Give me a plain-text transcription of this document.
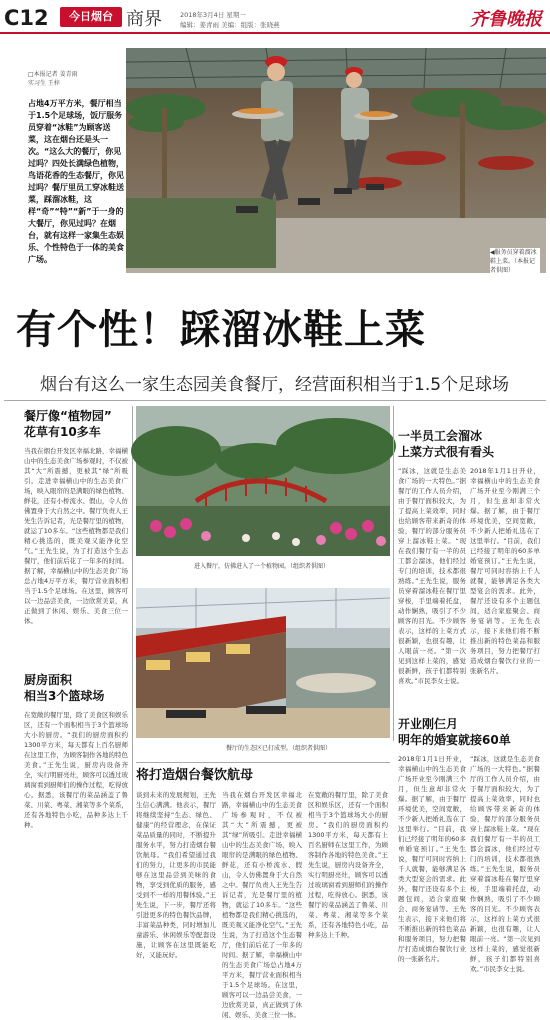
C12	今日烟台 商界	2018年3月4日 星期一
编辑：姜青雨 美编：组版：张晓燕	齐鲁晚报
□本报记者 姜青雨
实习生 王梓
占地4万平方米，餐厅相当于1.5个足球场，饭厅服务员穿着“冰鞋”为顾客送菜，这在烟台还是头一次。“这么大的餐厅，你见过吗？四处长满绿色植物，鸟语花香的生态餐厅，你见过吗？餐厅里员工穿冰鞋送菜，踩溜冰鞋，这样“奇”“特”“新”于一身的大餐厅，你见过吗？在烟台，就有这样一家集生态娱乐、个性特色于一体的美食广场。
◀服务员穿着溜冰鞋上菜。（本报记者供图）
有个性！踩溜冰鞋上菜
烟台有这么一家生态园美食餐厅，经营面积相当于1.5个足球场
餐厅像“植物园”
花草有10多车
当我在烟台开发区幸福北路，幸福横山中的生态美食广场参观时，不仅被其“大”所震撼，更被其“绿”所吸引。走进幸福横山中的生态美食广场，映入眼帘的是满眼的绿色植物、鲜花，还有小桥流水、假山，令人仿佛置身于大自然之中。餐厅负责人王先生告诉记者，光是餐厅里的植物，就运了10多车。“这些植物都是我们精心挑选的，既美观又能净化空气。”王先生说，为了打造这个生态餐厅，他们前后花了一年多的时间。据了解，幸福横山中的生态美食广场总占地4万平方米，餐厅营业面积相当于1.5个足球场。在这里，顾客可以一边品尝美食，一边欣赏美景，真正做到了休闲、娱乐、美食三位一体。
厨房面积
相当3个篮球场
在宽敞的餐厅里，除了美食区和娱乐区，还有一个面积相当于3个篮球场大小的厨房。“我们的厨房面积约1300平方米，每天都有上百名厨师在这里工作，为顾客制作各地的特色美食。”王先生说，厨房内设备齐全，实行明厨亮灶，顾客可以透过玻璃窗看到厨师们的操作过程，吃得放心。据悉，该餐厅的菜品涵盖了鲁菜、川菜、粤菜、湘菜等多个菜系，还有各地特色小吃，品种多达上千种。
进入餐厅，仿佛进入了一个植物园。（组织者供图）
餐厅的生态区已打成型。（组织者供图）
一半员工会溜冰
上菜方式很有看头
“踩冰，这就是生态美食广场的一大特色。”据餐厅的工作人员介绍，由于餐厅面积较大，为了提高上菜效率，同时也给顾客带来新奇的体验，餐厅的部分服务员穿上溜冰鞋上菜。“现在我们餐厅有一半的员工都会溜冰，他们经过专门的培训，技术都很熟练。”王先生说，服务员穿着溜冰鞋在餐厅里穿梭，手里端着托盘，动作娴熟，吸引了不少顾客的目光。不少顾客表示，这样的上菜方式很新颖，也很有趣，让人眼前一亮。“第一次见到这样上菜的，感觉很新鲜，孩子们都特别喜欢。”市民李女士说。
2018年1月1日开业，幸福横山中的生态美食广场开业至今刚满三个月，但生意却非常火爆。据了解，由于餐厅环境优美，空间宽敞，不少新人把婚礼选在了这里举行。“目前，我们已经接了明年的60多单婚宴预订。”王先生说，餐厅可同时容纳上千人就餐，能够满足各类大型宴会的需求。此外，餐厅还设有多个主题包间，适合家庭聚会、商务宴请等。王先生表示，接下来他们将不断推出新的特色菜品和服务项目，努力把餐厅打造成烟台餐饮行业的一张新名片。
开业刚仨月
明年的婚宴就接60单
2018年1月1日开业，幸福横山中的生态美食广场开业至今刚满三个月，但生意却非常火爆。据了解，由于餐厅环境优美，空间宽敞，不少新人把婚礼选在了这里举行。“目前，我们已经接了明年的60多单婚宴预订。”王先生说，餐厅可同时容纳上千人就餐，能够满足各类大型宴会的需求。此外，餐厅还设有多个主题包间，适合家庭聚会、商务宴请等。王先生表示，接下来他们将不断推出新的特色菜品和服务项目，努力把餐厅打造成烟台餐饮行业的一张新名片。
“踩冰，这就是生态美食广场的一大特色。”据餐厅的工作人员介绍，由于餐厅面积较大，为了提高上菜效率，同时也给顾客带来新奇的体验，餐厅的部分服务员穿上溜冰鞋上菜。“现在我们餐厅有一半的员工都会溜冰，他们经过专门的培训，技术都很熟练。”王先生说，服务员穿着溜冰鞋在餐厅里穿梭，手里端着托盘，动作娴熟，吸引了不少顾客的目光。不少顾客表示，这样的上菜方式很新颖，也很有趣，让人眼前一亮。“第一次见到这样上菜的，感觉很新鲜，孩子们都特别喜欢。”市民李女士说。
将打造烟台餐饮航母
谈到未来的发展规划，王先生信心满满。他表示，餐厅将继续坚持“生态、绿色、健康”的经营理念，在保证菜品质量的同时，不断提升服务水平，努力打造烟台餐饮航母。“我们希望通过我们的努力，让更多的市民能够在这里品尝到美味的食物，享受到优质的服务，感受到不一样的用餐体验。”王先生说，下一步，餐厅还将引进更多的特色餐饮品牌，丰富菜品种类，同时增加儿童游乐、休闲娱乐等配套设施，让顾客在这里既能吃好，又能玩好。
当我在烟台开发区幸福北路，幸福横山中的生态美食广场参观时，不仅被其“大”所震撼，更被其“绿”所吸引。走进幸福横山中的生态美食广场，映入眼帘的是满眼的绿色植物、鲜花，还有小桥流水、假山，令人仿佛置身于大自然之中。餐厅负责人王先生告诉记者，光是餐厅里的植物，就运了10多车。“这些植物都是我们精心挑选的，既美观又能净化空气。”王先生说，为了打造这个生态餐厅，他们前后花了一年多的时间。据了解，幸福横山中的生态美食广场总占地4万平方米，餐厅营业面积相当于1.5个足球场。在这里，顾客可以一边品尝美食，一边欣赏美景，真正做到了休闲、娱乐、美食三位一体。
在宽敞的餐厅里，除了美食区和娱乐区，还有一个面积相当于3个篮球场大小的厨房。“我们的厨房面积约1300平方米，每天都有上百名厨师在这里工作，为顾客制作各地的特色美食。”王先生说，厨房内设备齐全，实行明厨亮灶，顾客可以透过玻璃窗看到厨师们的操作过程，吃得放心。据悉，该餐厅的菜品涵盖了鲁菜、川菜、粤菜、湘菜等多个菜系，还有各地特色小吃，品种多达上千种。
